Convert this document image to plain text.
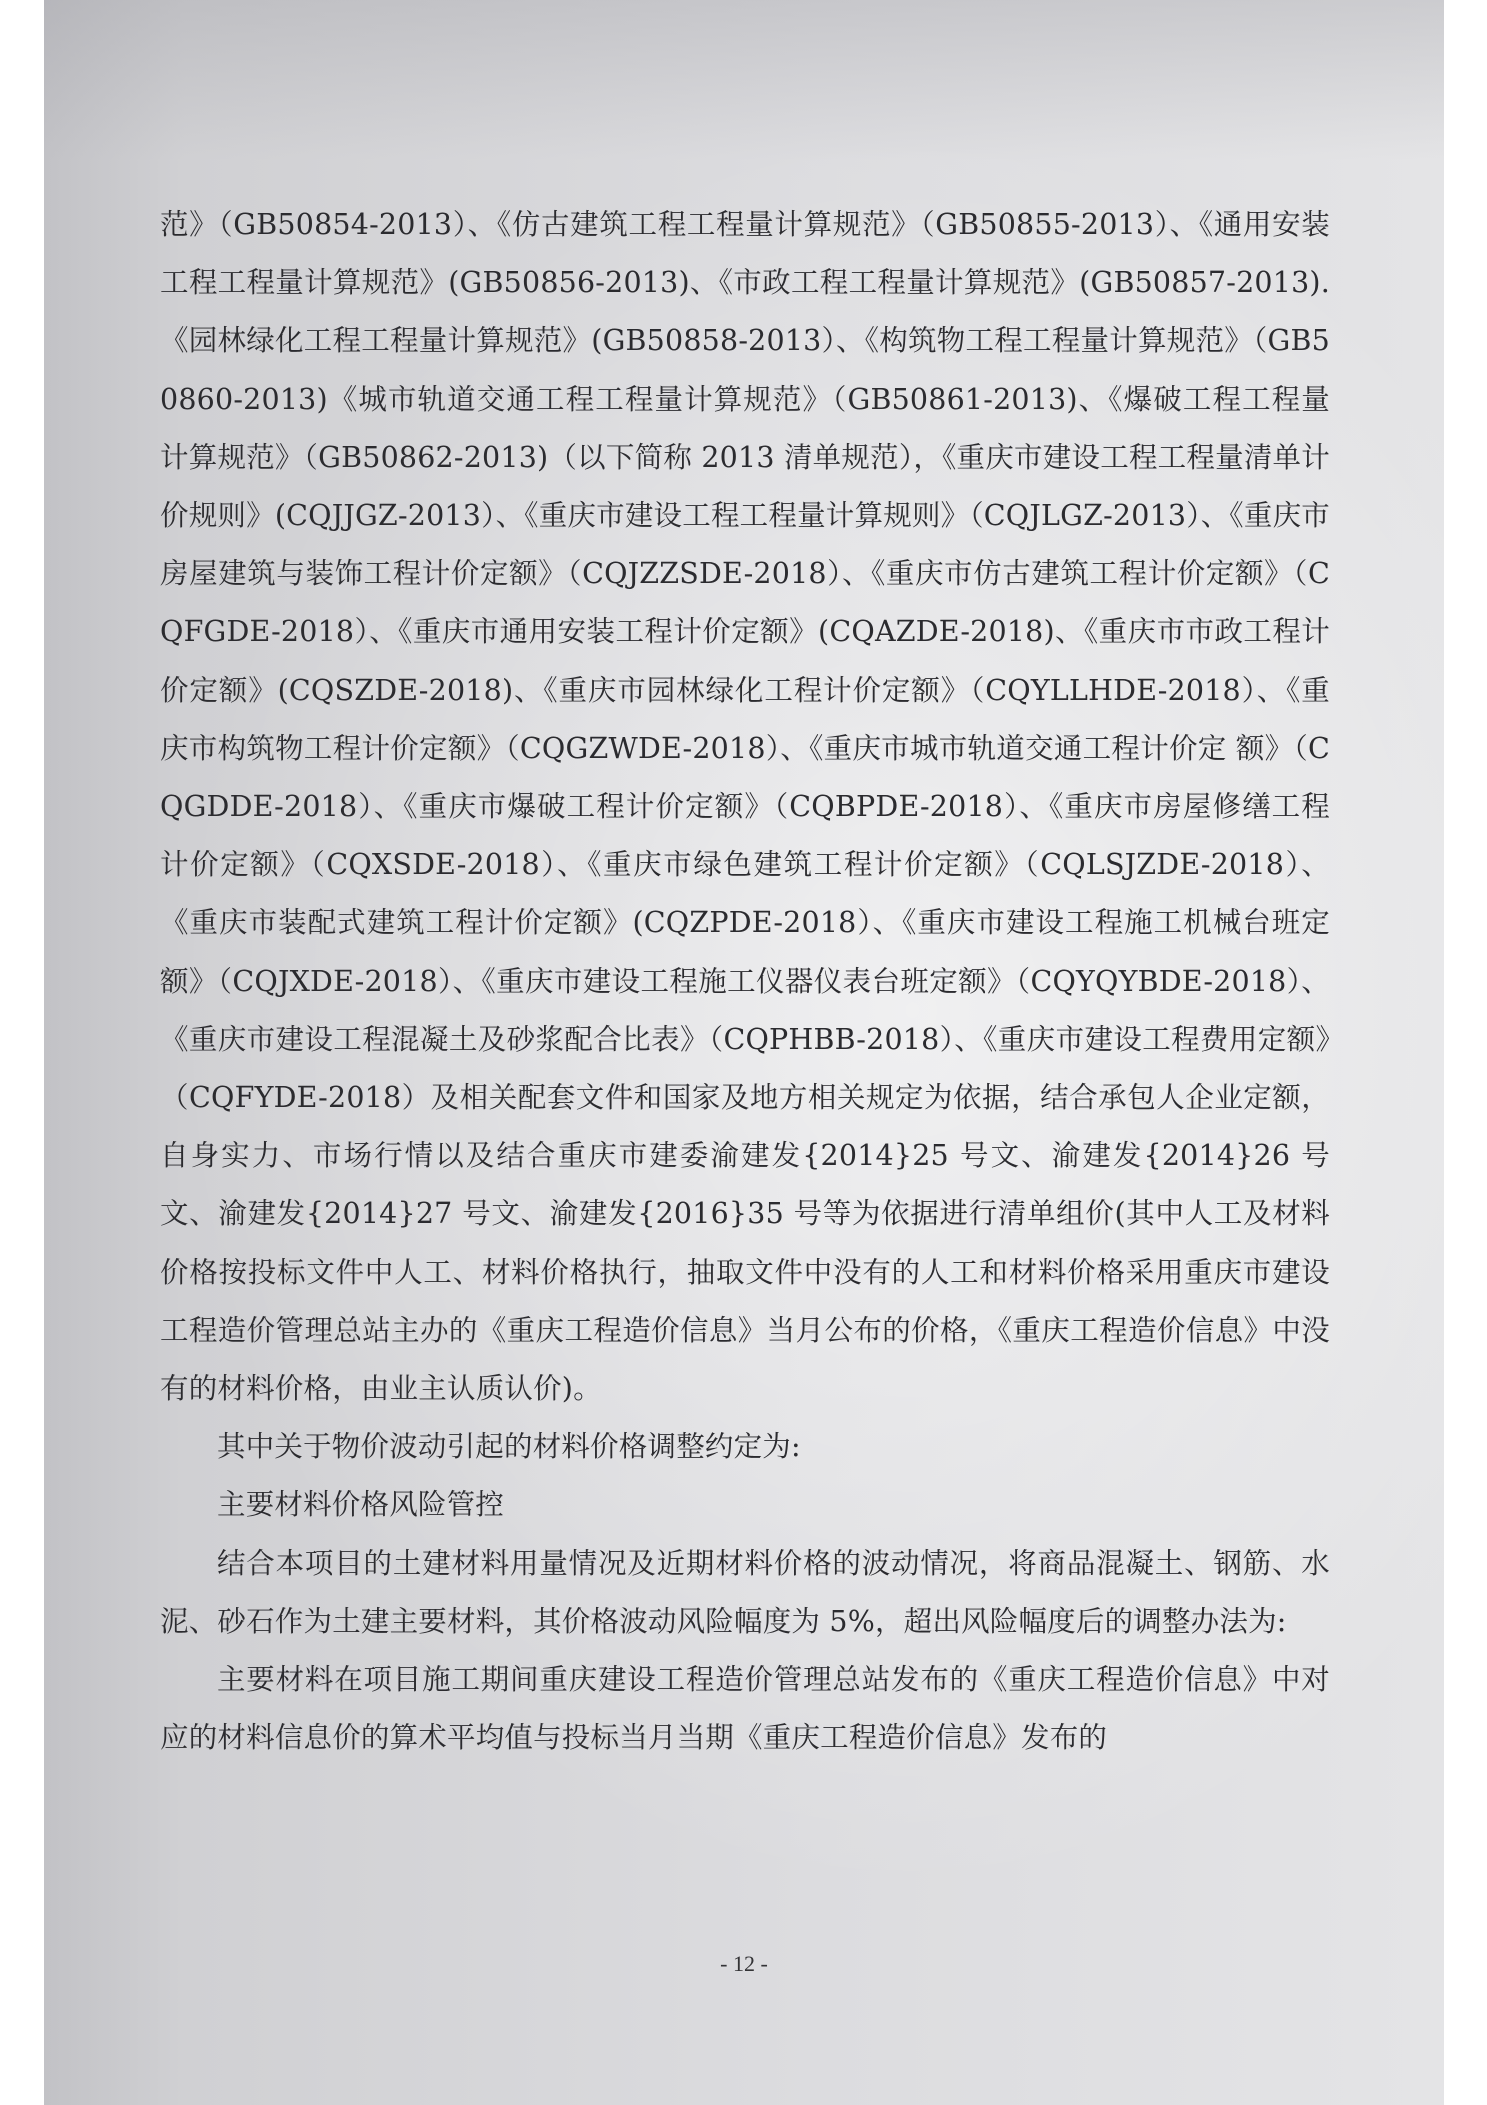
范》（GB50854-2013）、《仿古建筑工程工程量计算规范》（GB50855-2013）、《通用安装工程工程量计算规范》(GB50856-2013)、《市政工程工程量计算规范》(GB50857-2013).《园林绿化工程工程量计算规范》(GB50858-2013）、《构筑物工程工程量计算规范》（GB50860-2013)《城市轨道交通工程工程量计算规范》（GB50861-2013)、《爆破工程工程量计算规范》（GB50862-2013)（以下简称 2013 清单规范），《重庆市建设工程工程量清单计价规则》(CQJJGZ-2013）、《重庆市建设工程工程量计算规则》（CQJLGZ-2013）、《重庆市房屋建筑与装饰工程计价定额》（CQJZZSDE-2018）、《重庆市仿古建筑工程计价定额》（CQFGDE-2018）、《重庆市通用安装工程计价定额》(CQAZDE-2018)、《重庆市市政工程计价定额》(CQSZDE-2018)、《重庆市园林绿化工程计价定额》（CQYLLHDE-2018）、《重庆市构筑物工程计价定额》（CQGZWDE-2018）、《重庆市城市轨道交通工程计价定 额》（CQGDDE-2018）、《重庆市爆破工程计价定额》（CQBPDE-2018）、《重庆市房屋修缮工程计价定额》（CQXSDE-2018）、《重庆市绿色建筑工程计价定额》（CQLSJZDE-2018）、《重庆市装配式建筑工程计价定额》(CQZPDE-2018）、《重庆市建设工程施工机械台班定额》（CQJXDE-2018）、《重庆市建设工程施工仪器仪表台班定额》（CQYQYBDE-2018）、《重庆市建设工程混凝土及砂浆配合比表》（CQPHBB-2018）、《重庆市建设工程费用定额》（CQFYDE-2018）及相关配套文件和国家及地方相关规定为依据，结合承包人企业定额，自身实力、市场行情以及结合重庆市建委渝建发{2014}25 号文、渝建发{2014}26 号文、渝建发{2014}27 号文、渝建发{2016}35 号等为依据进行清单组价(其中人工及材料价格按投标文件中人工、材料价格执行，抽取文件中没有的人工和材料价格采用重庆市建设工程造价管理总站主办的《重庆工程造价信息》当月公布的价格，《重庆工程造价信息》中没有的材料价格，由业主认质认价)。

其中关于物价波动引起的材料价格调整约定为:

主要材料价格风险管控

结合本项目的土建材料用量情况及近期材料价格的波动情况，将商品混凝土、钢筋、水泥、砂石作为土建主要材料，其价格波动风险幅度为 5%，超出风险幅度后的调整办法为:

主要材料在项目施工期间重庆建设工程造价管理总站发布的《重庆工程造价信息》中对应的材料信息价的算术平均值与投标当月当期《重庆工程造价信息》发布的

- 12 -
